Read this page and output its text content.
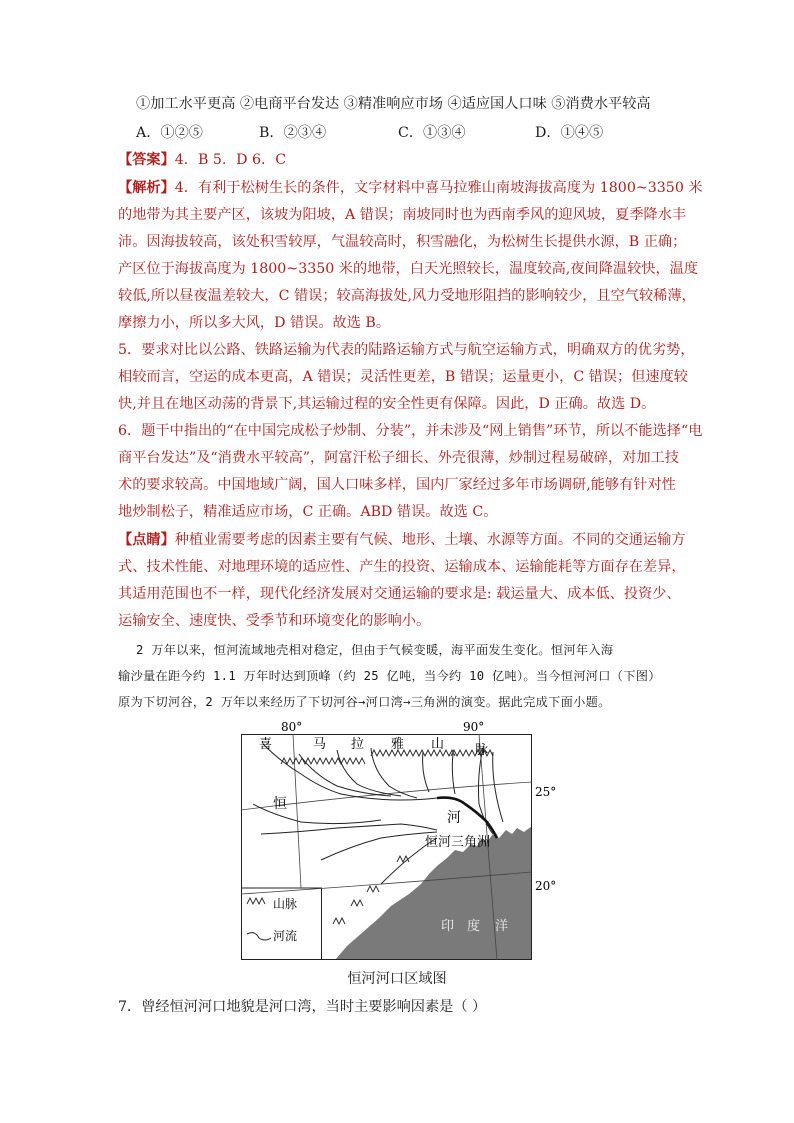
①加工水平更高 ②电商平台发达 ③精准响应市场 ④适应国人口味 ⑤消费水平较高
A．①②⑤	B．②③④	C．①③④	D．①④⑤
【答案】4．B 5．D 6．C
【解析】4．有利于松树生长的条件，文字材料中喜马拉雅山南坡海拔高度为 1800~3350 米
的地带为其主要产区，该坡为阳坡，A 错误；南坡同时也为西南季风的迎风坡，夏季降水丰
沛。因海拔较高，该处积雪较厚，气温较高时，积雪融化，为松树生长提供水源，B 正确；
产区位于海拔高度为 1800~3350 米的地带，白天光照较长，温度较高,夜间降温较快，温度
较低,所以昼夜温差较大，C 错误；较高海拔处,风力受地形阻挡的影响较少，且空气较稀薄，
摩擦力小，所以多大风，D 错误。故选 B。
5．要求对比以公路、铁路运输为代表的陆路运输方式与航空运输方式，明确双方的优劣势，
相较而言，空运的成本更高，A 错误；灵活性更差，B 错误；运量更小，C 错误；但速度较
快,并且在地区动荡的背景下,其运输过程的安全性更有保障。因此，D 正确。故选 D。
6．题干中指出的“在中国完成松子炒制、分装”，并未涉及“网上销售”环节，所以不能选择“电
商平台发达”及“消费水平较高”，阿富汗松子细长、外壳很薄，炒制过程易破碎，对加工技
术的要求较高。中国地域广阔，国人口味多样，国内厂家经过多年市场调研,能够有针对性
地炒制松子，精准适应市场，C 正确。ABD 错误。故选 C。
【点睛】种植业需要考虑的因素主要有气候、地形、土壤、水源等方面。不同的交通运输方
式、技术性能、对地理环境的适应性、产生的投资、运输成本、运输能耗等方面存在差异，
其适用范围也不一样，现代化经济发展对交通运输的要求是: 载运量大、成本低、投资少、
运输安全、速度快、受季节和环境变化的影响小。
2 万年以来，恒河流域地壳相对稳定，但由于气候变暖，海平面发生变化。恒河年入海
输沙量在距今约 1.1 万年时达到顶峰（约 25 亿吨，当今约 10 亿吨）。当今恒河河口（下图）
原为下切河谷，2 万年以来经历了下切河谷→河口湾→三角洲的演变。据此完成下面小题。
80°	90°
25°
20°
喜	马 拉 雅 山 脉
恒
河
恒河三角洲
印 度 洋
山脉
河流
恒河河口区域图
7．曾经恒河河口地貌是河口湾，当时主要影响因素是（ ）
